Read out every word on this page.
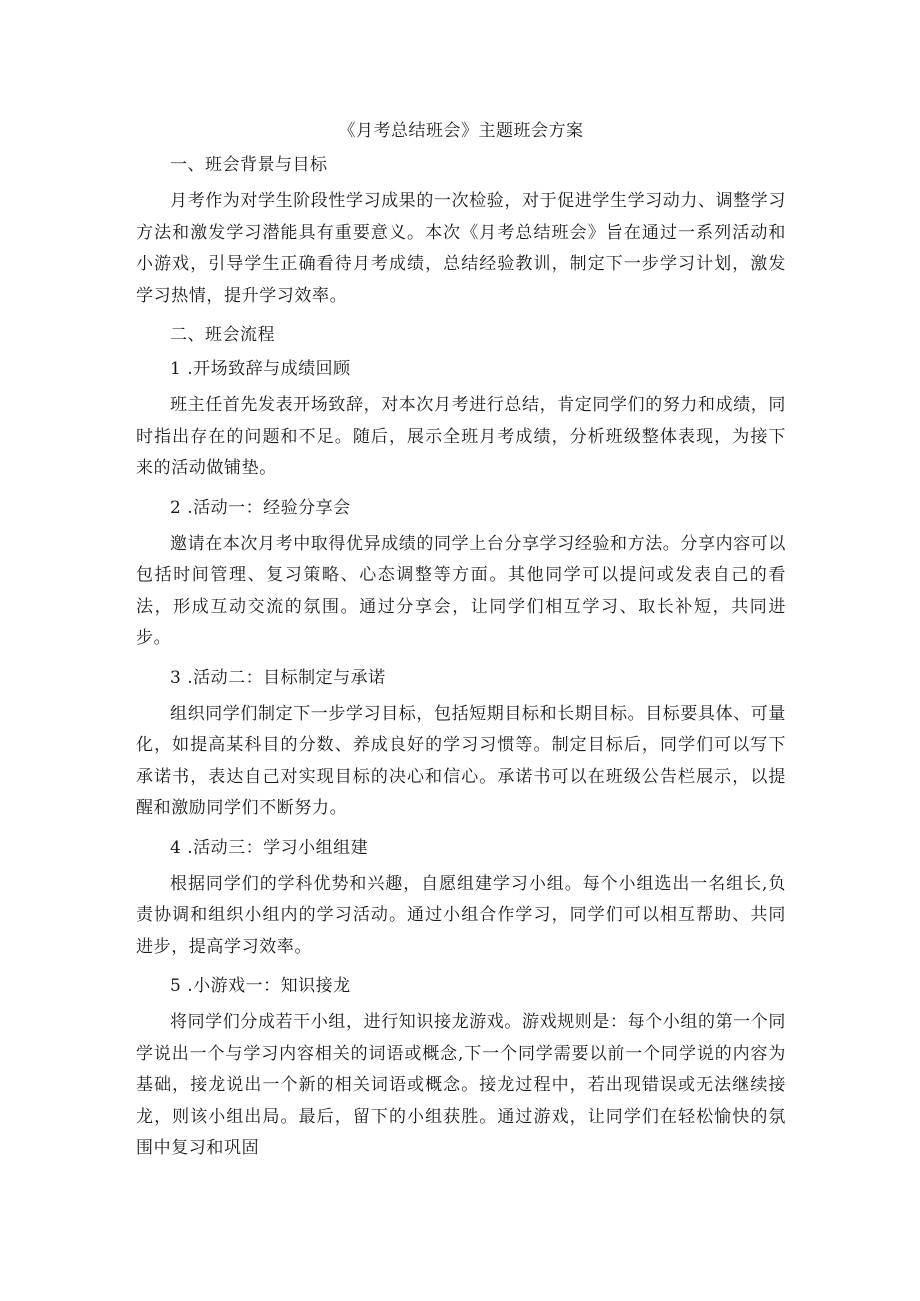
《月考总结班会》主题班会方案
一、班会背景与目标

月考作为对学生阶段性学习成果的一次检验，对于促进学生学习动力、调整学习方法和激发学习潜能具有重要意义。本次《月考总结班会》旨在通过一系列活动和小游戏，引导学生正确看待月考成绩，总结经验教训，制定下一步学习计划，激发学习热情，提升学习效率。

二、班会流程
1 .开场致辞与成绩回顾

班主任首先发表开场致辞，对本次月考进行总结，肯定同学们的努力和成绩，同时指出存在的问题和不足。随后，展示全班月考成绩，分析班级整体表现，为接下来的活动做铺垫。

2 .活动一：经验分享会

邀请在本次月考中取得优异成绩的同学上台分享学习经验和方法。分享内容可以包括时间管理、复习策略、心态调整等方面。其他同学可以提问或发表自己的看法，形成互动交流的氛围。通过分享会，让同学们相互学习、取长补短，共同进步。

3 .活动二：目标制定与承诺

组织同学们制定下一步学习目标，包括短期目标和长期目标。目标要具体、可量化，如提高某科目的分数、养成良好的学习习惯等。制定目标后，同学们可以写下承诺书，表达自己对实现目标的决心和信心。承诺书可以在班级公告栏展示，以提醒和激励同学们不断努力。

4 .活动三：学习小组组建

根据同学们的学科优势和兴趣，自愿组建学习小组。每个小组选出一名组长,负责协调和组织小组内的学习活动。通过小组合作学习，同学们可以相互帮助、共同进步，提高学习效率。

5 .小游戏一：知识接龙

将同学们分成若干小组，进行知识接龙游戏。游戏规则是：每个小组的第一个同学说出一个与学习内容相关的词语或概念,下一个同学需要以前一个同学说的内容为基础，接龙说出一个新的相关词语或概念。接龙过程中，若出现错误或无法继续接龙，则该小组出局。最后，留下的小组获胜。通过游戏，让同学们在轻松愉快的氛围中复习和巩固
